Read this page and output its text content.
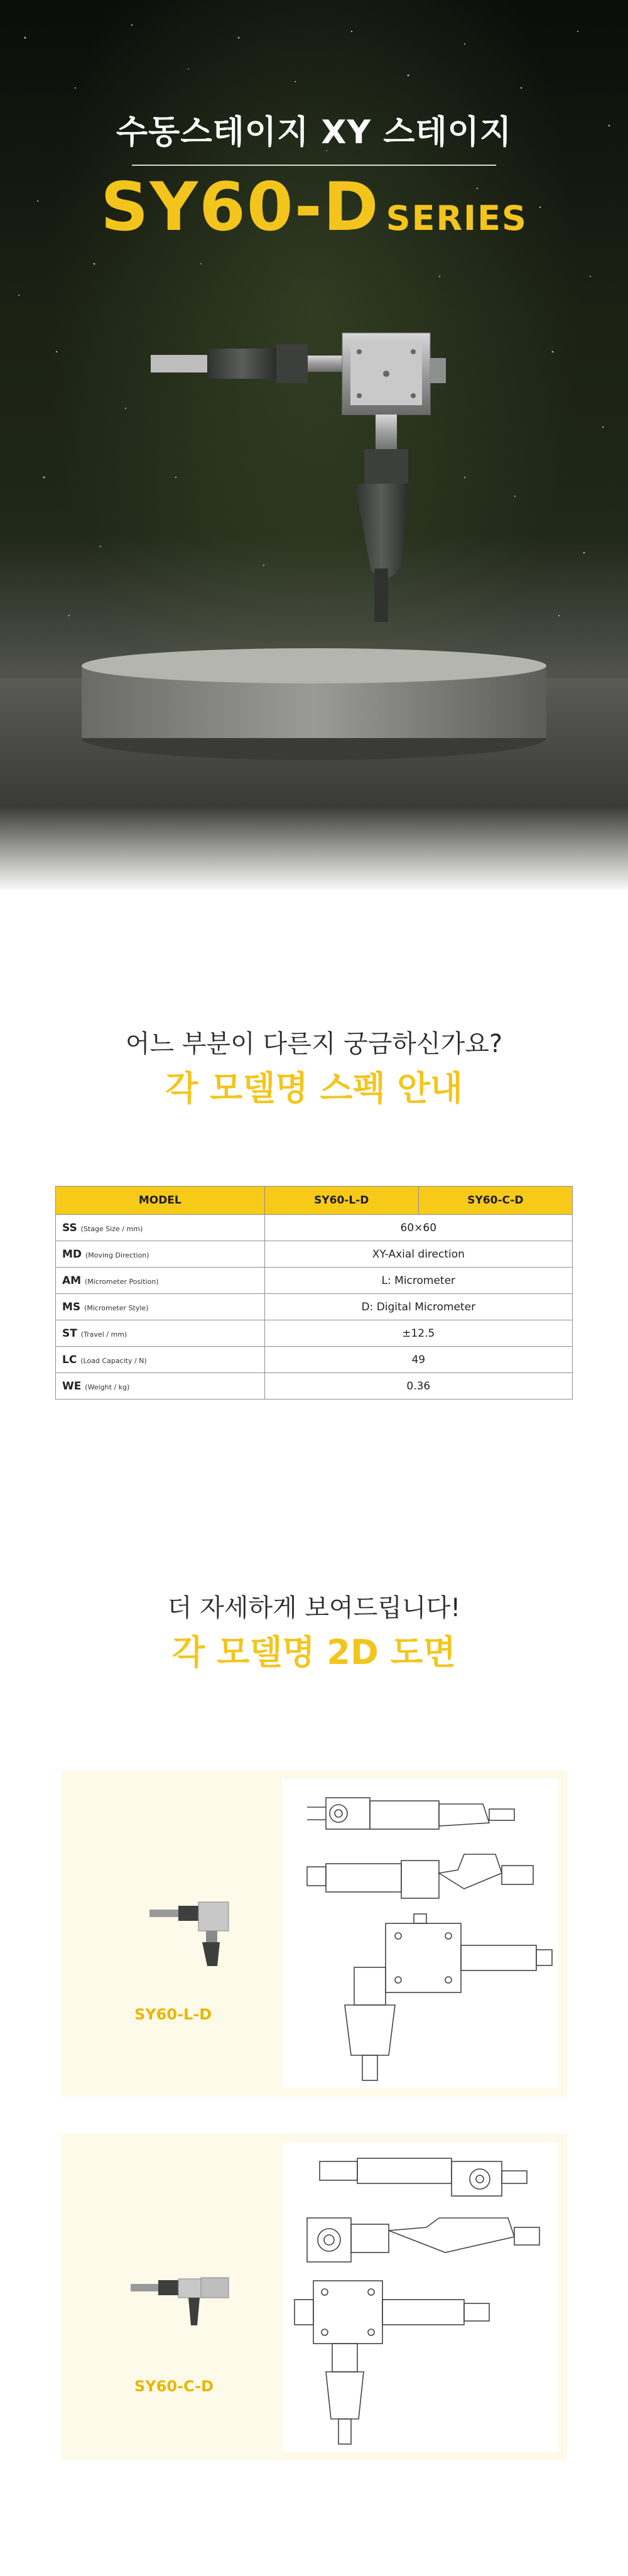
수동스테이지 XY 스테이지
SY60-D SERIES
어느 부분이 다른지 궁금하신가요?
각 모델명 스펙 안내
MODEL	SY60-L-D	SY60-C-D
SS (Stage Size / mm)	60×60	
MD (Moving Direction)	XY-Axial direction	
AM (Micrometer Position)	L: Micrometer	
MS (Micrometer Style)	D: Digital Micrometer	
ST (Travel / mm)	±12.5	
LC (Load Capacity / N)	49	
WE (Weight / kg)	0.36	
더 자세하게 보여드립니다!
각 모델명 2D 도면
SY60-L-D
SY60-C-D
